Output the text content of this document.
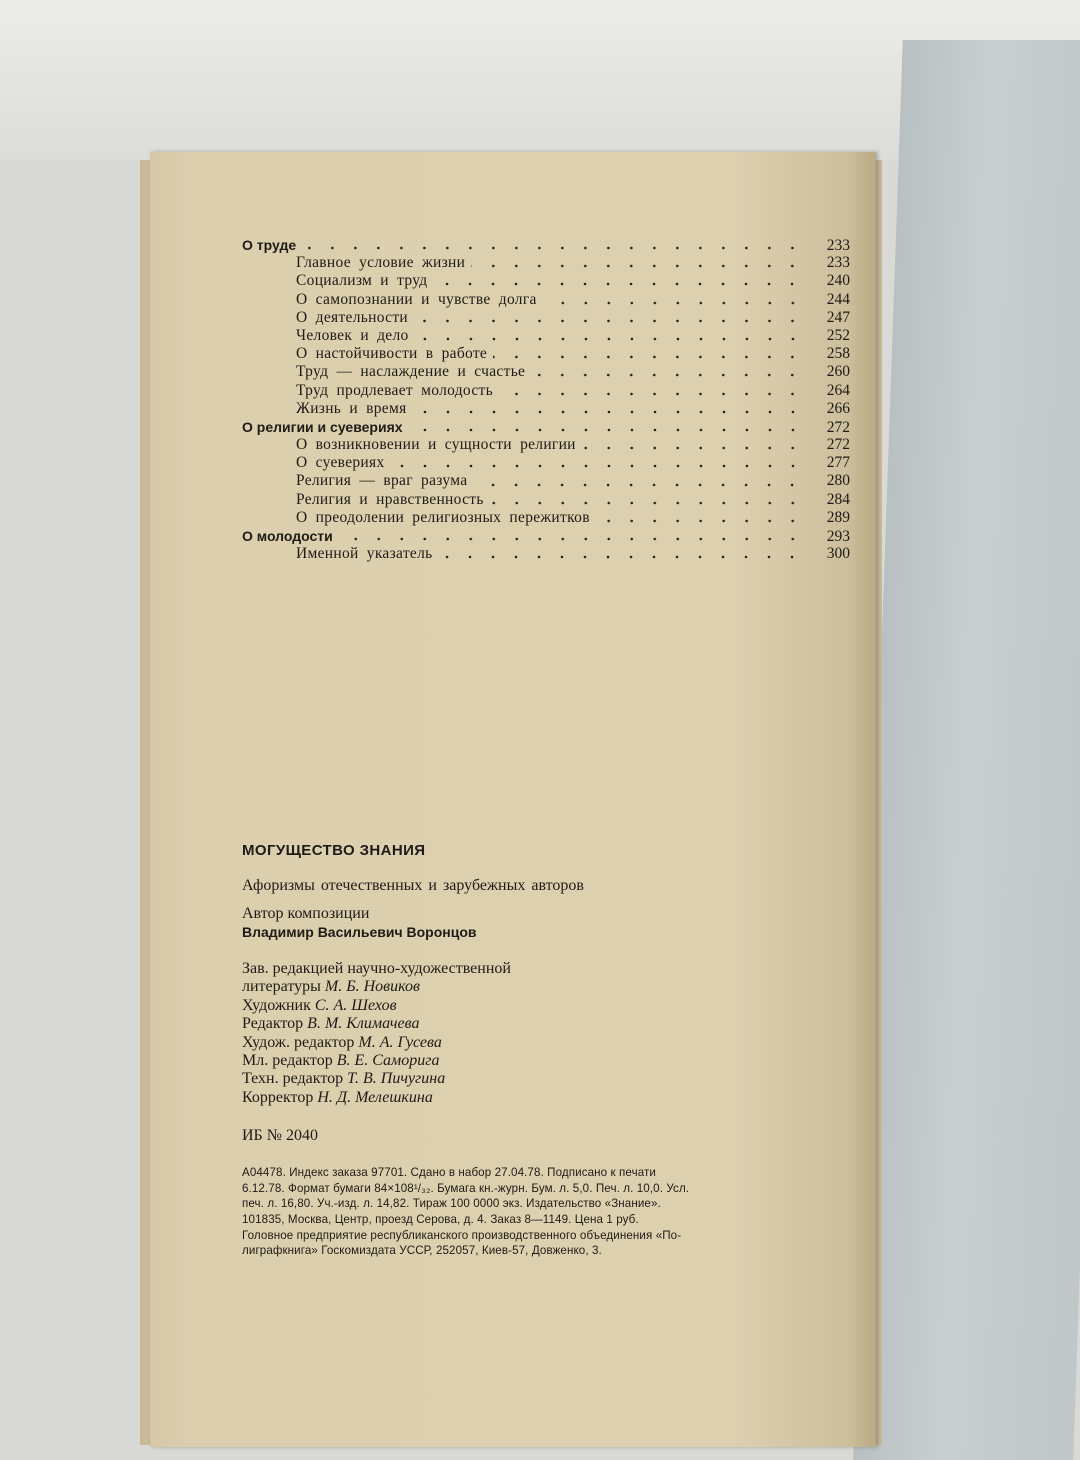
О труде	233
Главное условие жизни	233
Социализм и труд	240
О самопознании и чувстве долга	244
О деятельности	247
Человек и дело	252
О настойчивости в работе	258
Труд — наслаждение и счастье	260
Труд продлевает молодость	264
Жизнь и время	266
О религии и суевериях	272
О возникновении и сущности религии	272
О суевериях	277
Религия — враг разума	280
Религия и нравственность	284
О преодолении религиозных пережитков	289
О молодости	293
Именной указатель	300
МОГУЩЕСТВО ЗНАНИЯ
Афоризмы отечественных и зарубежных авторов
Автор композиции
Владимир Васильевич Воронцов
Зав. редакцией научно-художественной
литературы М. Б. Новиков
Художник С. А. Шехов
Редактор В. М. Климачева
Худож. редактор М. А. Гусева
Мл. редактор В. Е. Саморига
Техн. редактор Т. В. Пичугина
Корректор Н. Д. Мелешкина
ИБ № 2040
А04478. Индекс заказа 97701. Сдано в набор 27.04.78. Подписано к печати
6.12.78. Формат бумаги 84×108¹/₃₂. Бумага кн.-журн. Бум. л. 5,0. Печ. л. 10,0. Усл.
печ. л. 16,80. Уч.-изд. л. 14,82. Тираж 100 0000 экз. Издательство «Знание».
101835, Москва, Центр, проезд Серова, д. 4. Заказ 8—1149. Цена 1 руб.
Головное предприятие республиканского производственного объединения «По-
лиграфкнига» Госкомиздата УССР, 252057, Киев-57, Довженко, 3.
